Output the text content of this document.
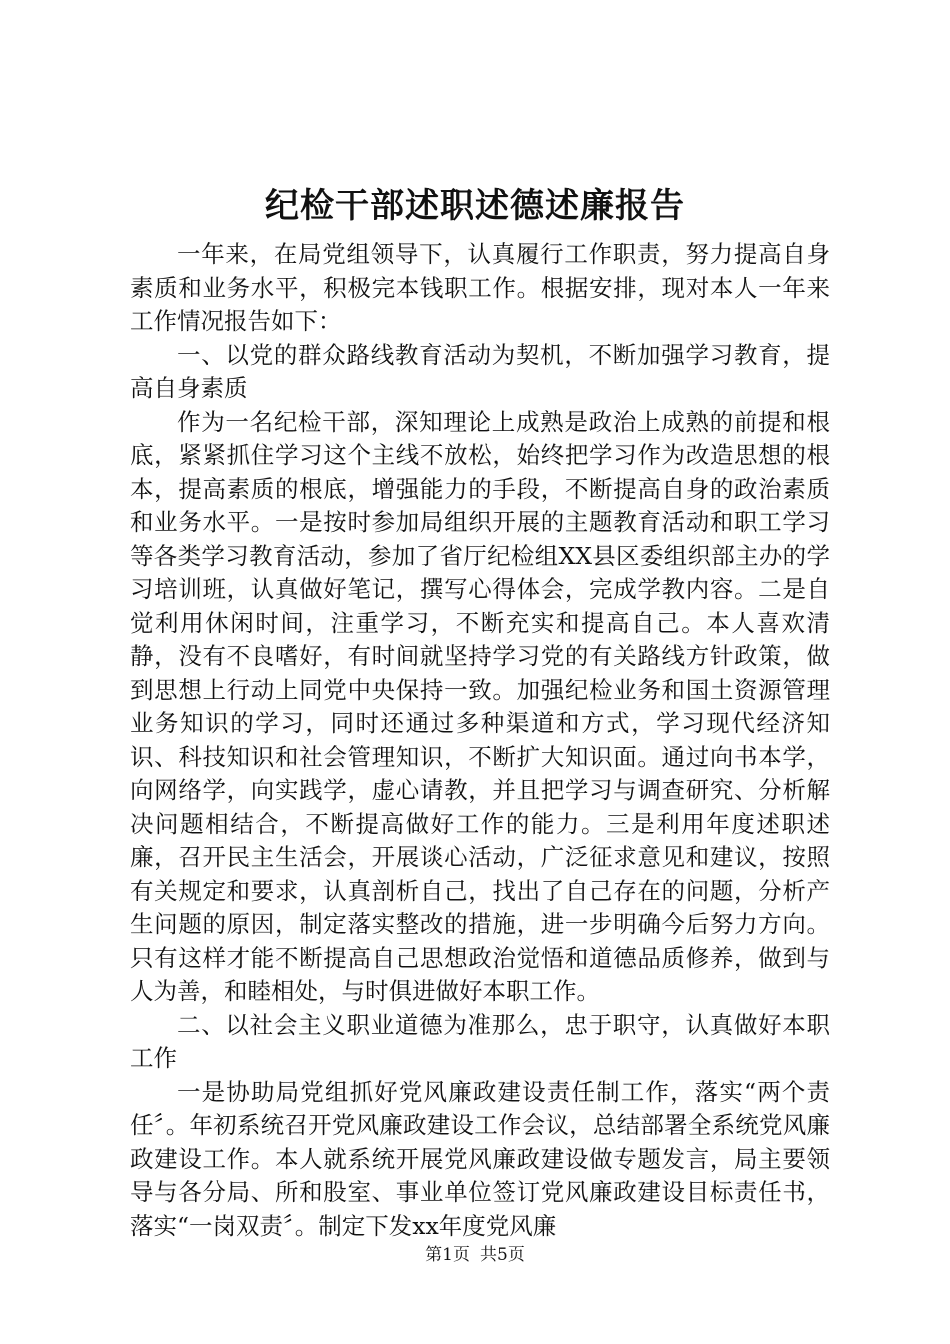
纪检干部述职述德述廉报告

一年来，在局党组领导下，认真履行工作职责，努力提高自身素质和业务水平，积极完本钱职工作。根据安排，现对本人一年来工作情况报告如下：

一、以党的群众路线教育活动为契机，不断加强学习教育，提高自身素质

作为一名纪检干部，深知理论上成熟是政治上成熟的前提和根底，紧紧抓住学习这个主线不放松，始终把学习作为改造思想的根本，提高素质的根底，增强能力的手段，不断提高自身的政治素质和业务水平。一是按时参加局组织开展的主题教育活动和职工学习等各类学习教育活动，参加了省厅纪检组XX县区委组织部主办的学习培训班，认真做好笔记，撰写心得体会，完成学教内容。二是自觉利用休闲时间，注重学习，不断充实和提高自己。本人喜欢清静，没有不良嗜好，有时间就坚持学习党的有关路线方针政策，做到思想上行动上同党中央保持一致。加强纪检业务和国土资源管理业务知识的学习，同时还通过多种渠道和方式，学习现代经济知识、科技知识和社会管理知识，不断扩大知识面。通过向书本学，向网络学，向实践学，虚心请教，并且把学习与调查研究、分析解决问题相结合，不断提高做好工作的能力。三是利用年度述职述廉，召开民主生活会，开展谈心活动，广泛征求意见和建议，按照有关规定和要求，认真剖析自己，找出了自己存在的问题，分析产生问题的原因，制定落实整改的措施，进一步明确今后努力方向。只有这样才能不断提高自己思想政治觉悟和道德品质修养，做到与人为善，和睦相处，与时俱进做好本职工作。

二、以社会主义职业道德为准那么，忠于职守，认真做好本职工作

一是协助局党组抓好党风廉政建设责任制工作，落实“两个责任〞。年初系统召开党风廉政建设工作会议，总结部署全系统党风廉政建设工作。本人就系统开展党风廉政建设做专题发言，局主要领导与各分局、所和股室、事业单位签订党风廉政建设目标责任书，落实“一岗双责〞。制定下发xx年度党风廉

第1页 共5页
